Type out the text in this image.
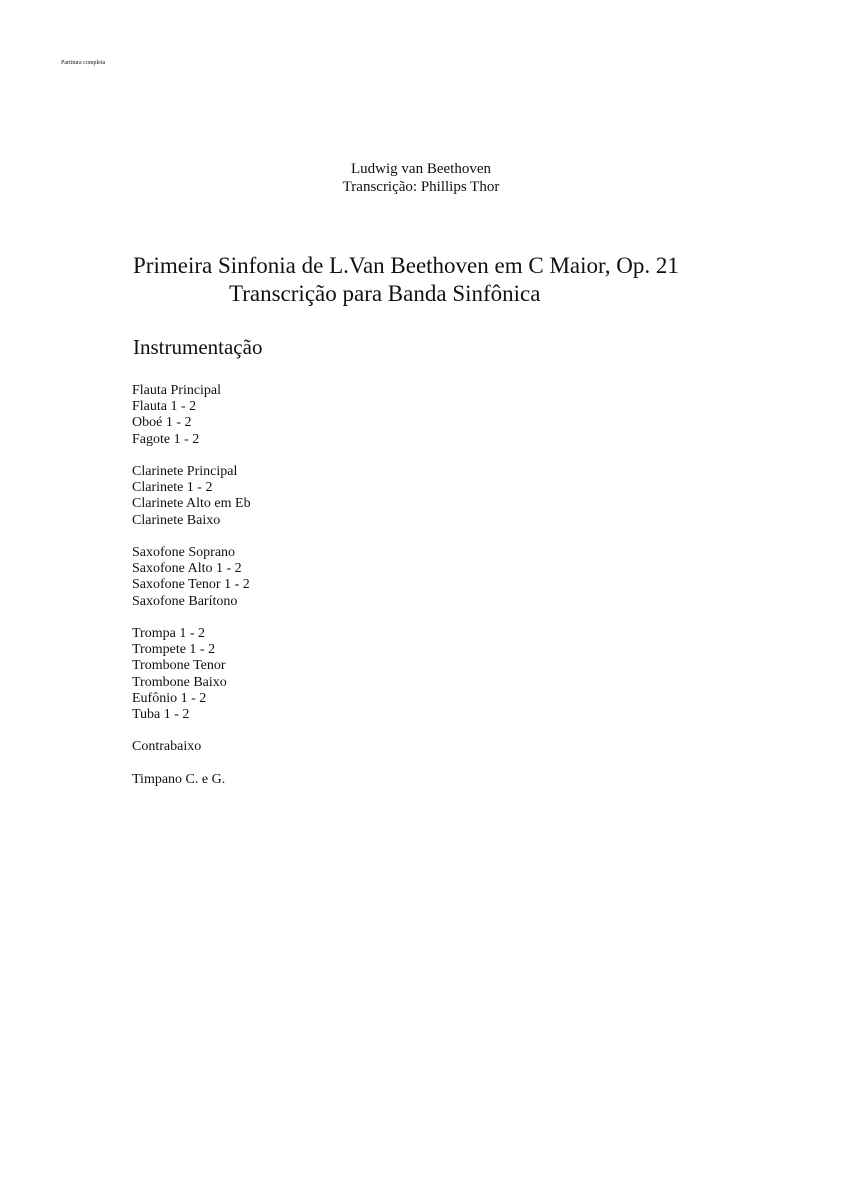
Partitura completa
Ludwig van Beethoven
Transcrição: Phillips Thor
Primeira Sinfonia de L.Van Beethoven em C Maior, Op. 21
Transcrição para Banda Sinfônica
Instrumentação
Flauta Principal
Flauta 1 - 2
Oboé 1 - 2
Fagote 1 - 2
Clarinete Principal
Clarinete 1 - 2
Clarinete Alto em Eb
Clarinete Baixo
Saxofone Soprano
Saxofone Alto 1 - 2
Saxofone Tenor 1 - 2
Saxofone Barítono
Trompa 1 - 2
Trompete 1 - 2
Trombone Tenor
Trombone Baixo
Eufônio 1 - 2
Tuba 1 - 2
Contrabaixo
Timpano C. e G.
